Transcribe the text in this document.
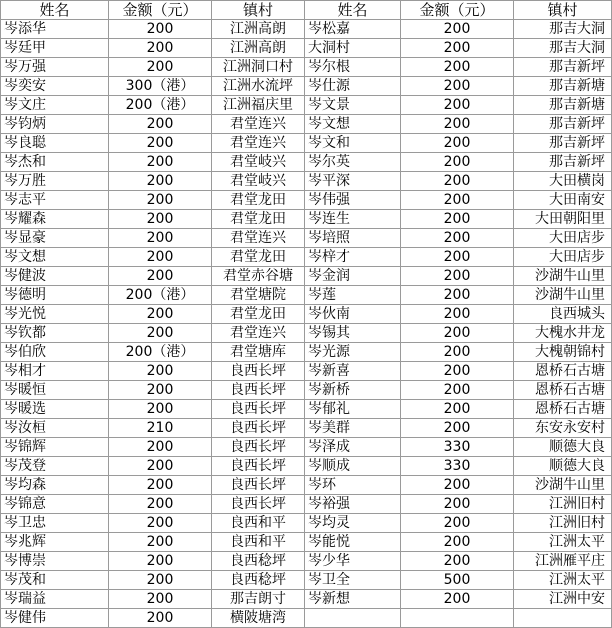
姓名	金额（元）	镇村	姓名	金额（元）	镇村
岑添华	200	江洲高朗	岑松嘉	200	那吉大洞
岑廷甲	200	江洲高朗	大洞村	200	那吉大洞
岑万强	200	江洲洞口村	岑尔根	200	那吉新坪
岑奕安	300（港）	江洲水流坪	岑仕源	200	那吉新塘
岑文庄	200（港）	江洲福庆里	岑文景	200	那吉新塘
岑钧炳	200	君堂连兴	岑文想	200	那吉新坪
岑良聪	200	君堂连兴	岑文和	200	那吉新坪
岑杰和	200	君堂岐兴	岑尔英	200	那吉新坪
岑万胜	200	君堂岐兴	岑平深	200	大田横岗
岑志平	200	君堂龙田	岑伟强	200	大田南安
岑耀森	200	君堂龙田	岑连生	200	大田朝阳里
岑显豪	200	君堂连兴	岑培照	200	大田店步
岑文想	200	君堂龙田	岑梓才	200	大田店步
岑健波	200	君堂赤谷塘	岑金润	200	沙湖牛山里
岑德明	200（港）	君堂塘院	岑莲	200	沙湖牛山里
岑光悦	200	君堂龙田	岑伙南	200	良西城头
岑钦都	200	君堂连兴	岑锡其	200	大槐水井龙
岑伯欣	200（港）	君堂塘库	岑光源	200	大槐朝锦村
岑相才	200	良西长坪	岑新喜	200	恩桥石古塘
岑暖恒	200	良西长坪	岑新桥	200	恩桥石古塘
岑暖选	200	良西长坪	岑郁礼	200	恩桥石古塘
岑汝桓	210	良西长坪	岑美群	200	东安永安村
岑锦辉	200	良西长坪	岑泽成	330	顺德大良
岑茂登	200	良西长坪	岑顺成	330	顺德大良
岑均森	200	良西长坪	岑环	200	沙湖牛山里
岑锦意	200	良西长坪	岑裕强	200	江洲旧村
岑卫忠	200	良西和平	岑均灵	200	江洲旧村
岑兆辉	200	良西和平	岑能悦	200	江洲太平
岑博崇	200	良西稔坪	岑少华	200	江洲雁平庄
岑茂和	200	良西稔坪	岑卫全	500	江洲太平
岑瑞益	200	那吉朗寸	岑新想	200	江洲中安
岑健伟	200	横陂塘湾			
